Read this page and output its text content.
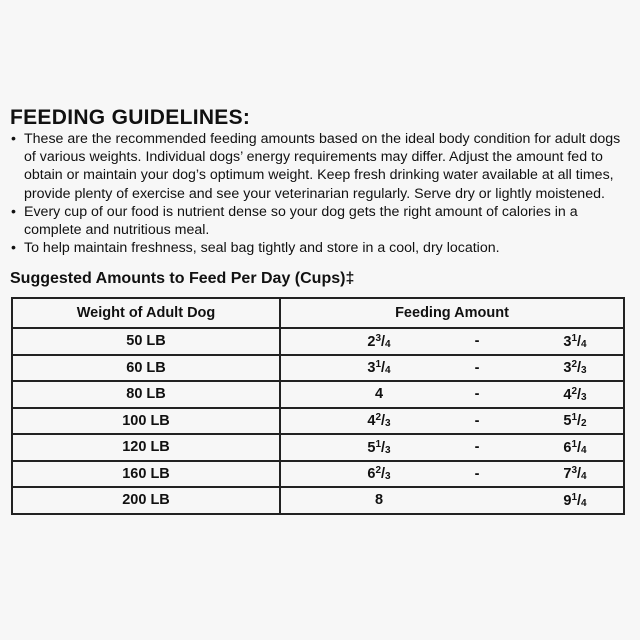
FEEDING GUIDELINES:
• These are the recommended feeding amounts based on the ideal body condition for adult dogs of various weights. Individual dogs’ energy requirements may differ. Adjust the amount fed to obtain or maintain your dog’s optimum weight. Keep fresh drinking water available at all times, provide plenty of exercise and see your veterinarian regularly. Serve dry or lightly moistened.
• Every cup of our food is nutrient dense so your dog gets the right amount of calories in a complete and nutritious meal.
• To help maintain freshness, seal bag tightly and store in a cool, dry location.
Suggested Amounts to Feed Per Day (Cups)‡
Weight of Adult Dog	Feeding Amount
50 LB	$2^3/_4 - 3^1/_4$

60 LB	$3^1/_4 - 3^2/_3$

80 LB	$4 - 4^2/_3$

100 LB	$4^2/_3 - 5^1/_2$

120 LB	$5^1/_3 - 6^1/_4$

160 LB	$6^2/_3 - 7^3/_4$

200 LB	8 $9^1/_4$
